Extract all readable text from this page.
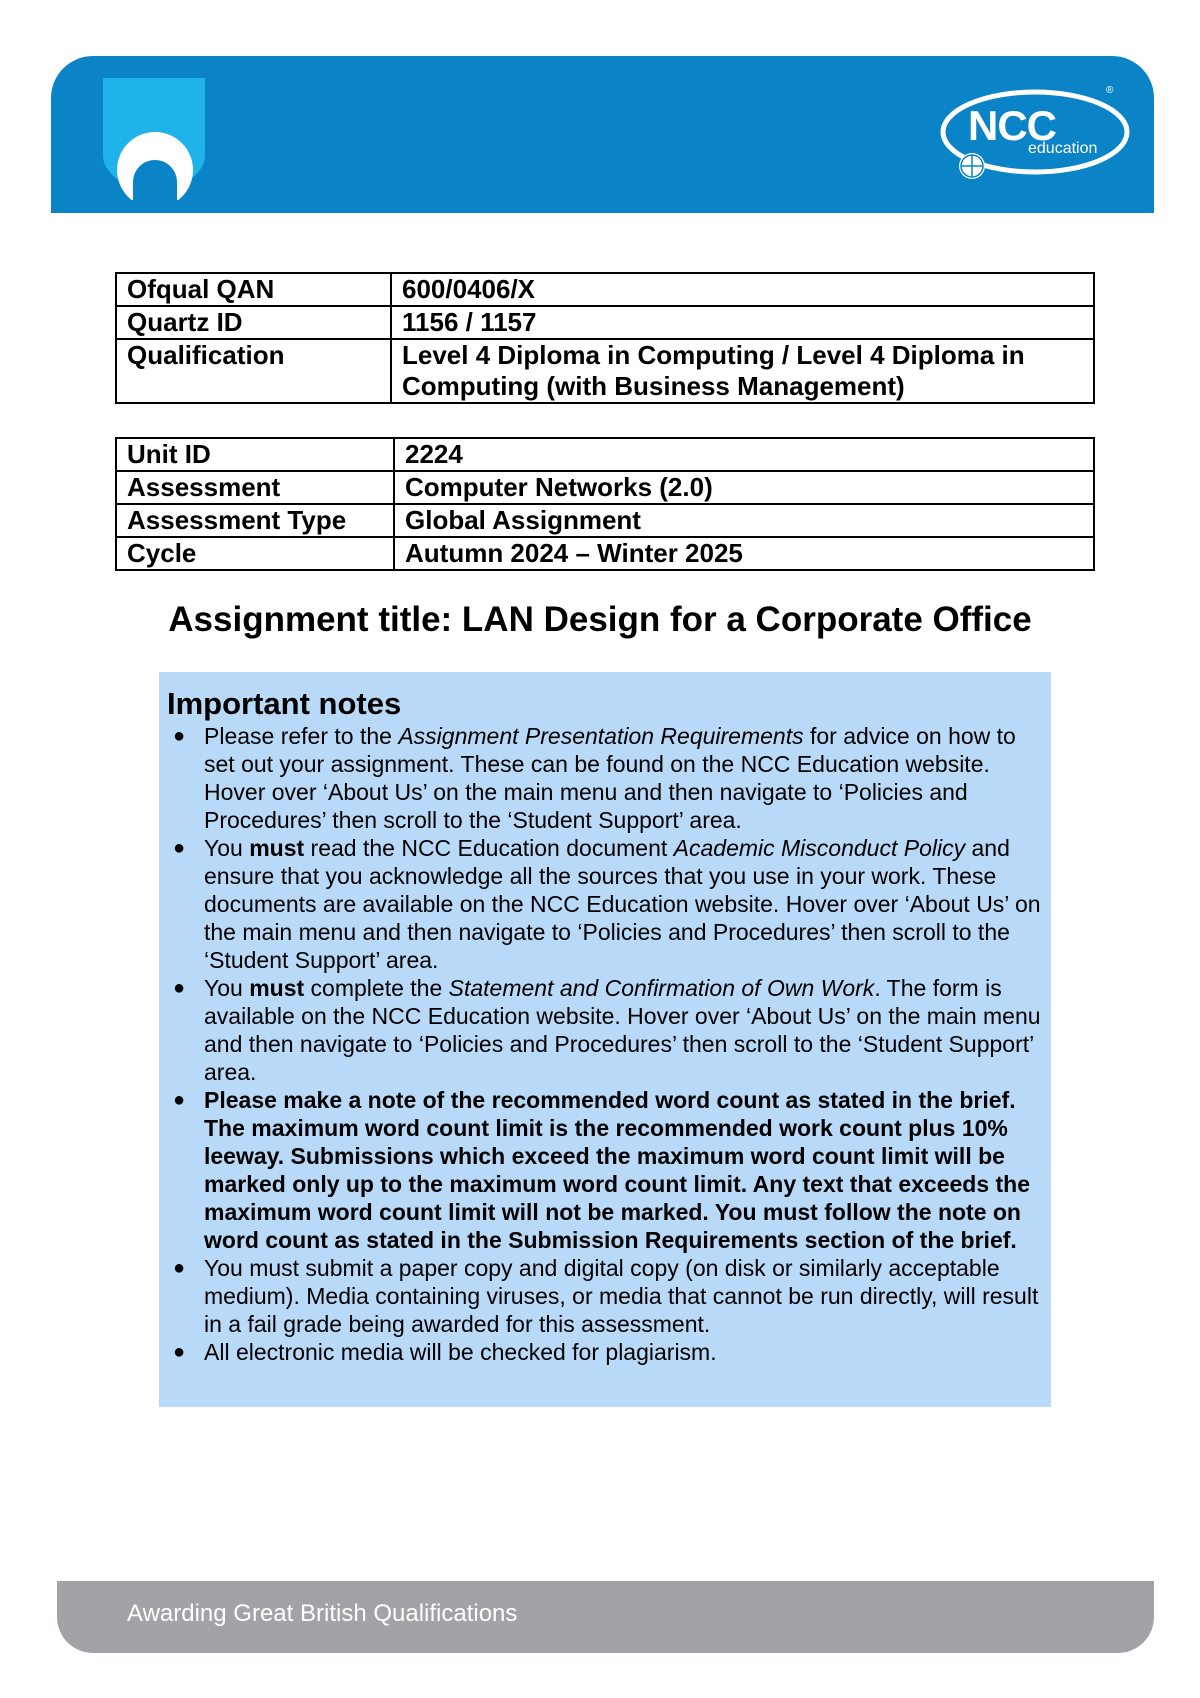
NCC
education
®
Ofqual QAN	600/0406/X
Quartz ID	1156 / 1157
Qualification	Level 4 Diploma in Computing / Level 4 Diploma in Computing (with Business Management)
Unit ID	2224
Assessment	Computer Networks (2.0)
Assessment Type	Global Assignment
Cycle	Autumn 2024 – Winter 2025
Assignment title: LAN Design for a Corporate Office
Important notes
● Please refer to the Assignment Presentation Requirements for advice on how to set out your assignment. These can be found on the NCC Education website. Hover over ‘About Us’ on the main menu and then navigate to ‘Policies and Procedures’ then scroll to the ‘Student Support’ area.
● You must read the NCC Education document Academic Misconduct Policy and ensure that you acknowledge all the sources that you use in your work. These documents are available on the NCC Education website. Hover over ‘About Us’ on the main menu and then navigate to ‘Policies and Procedures’ then scroll to the ‘Student Support’ area.
● You must complete the Statement and Confirmation of Own Work. The form is available on the NCC Education website. Hover over ‘About Us’ on the main menu and then navigate to ‘Policies and Procedures’ then scroll to the ‘Student Support’ area.
● Please make a note of the recommended word count as stated in the brief. The maximum word count limit is the recommended work count plus 10% leeway. Submissions which exceed the maximum word count limit will be marked only up to the maximum word count limit. Any text that exceeds the maximum word count limit will not be marked. You must follow the note on word count as stated in the Submission Requirements section of the brief.
● You must submit a paper copy and digital copy (on disk or similarly acceptable medium). Media containing viruses, or media that cannot be run directly, will result in a fail grade being awarded for this assessment.
● All electronic media will be checked for plagiarism.
Awarding Great British Qualifications
